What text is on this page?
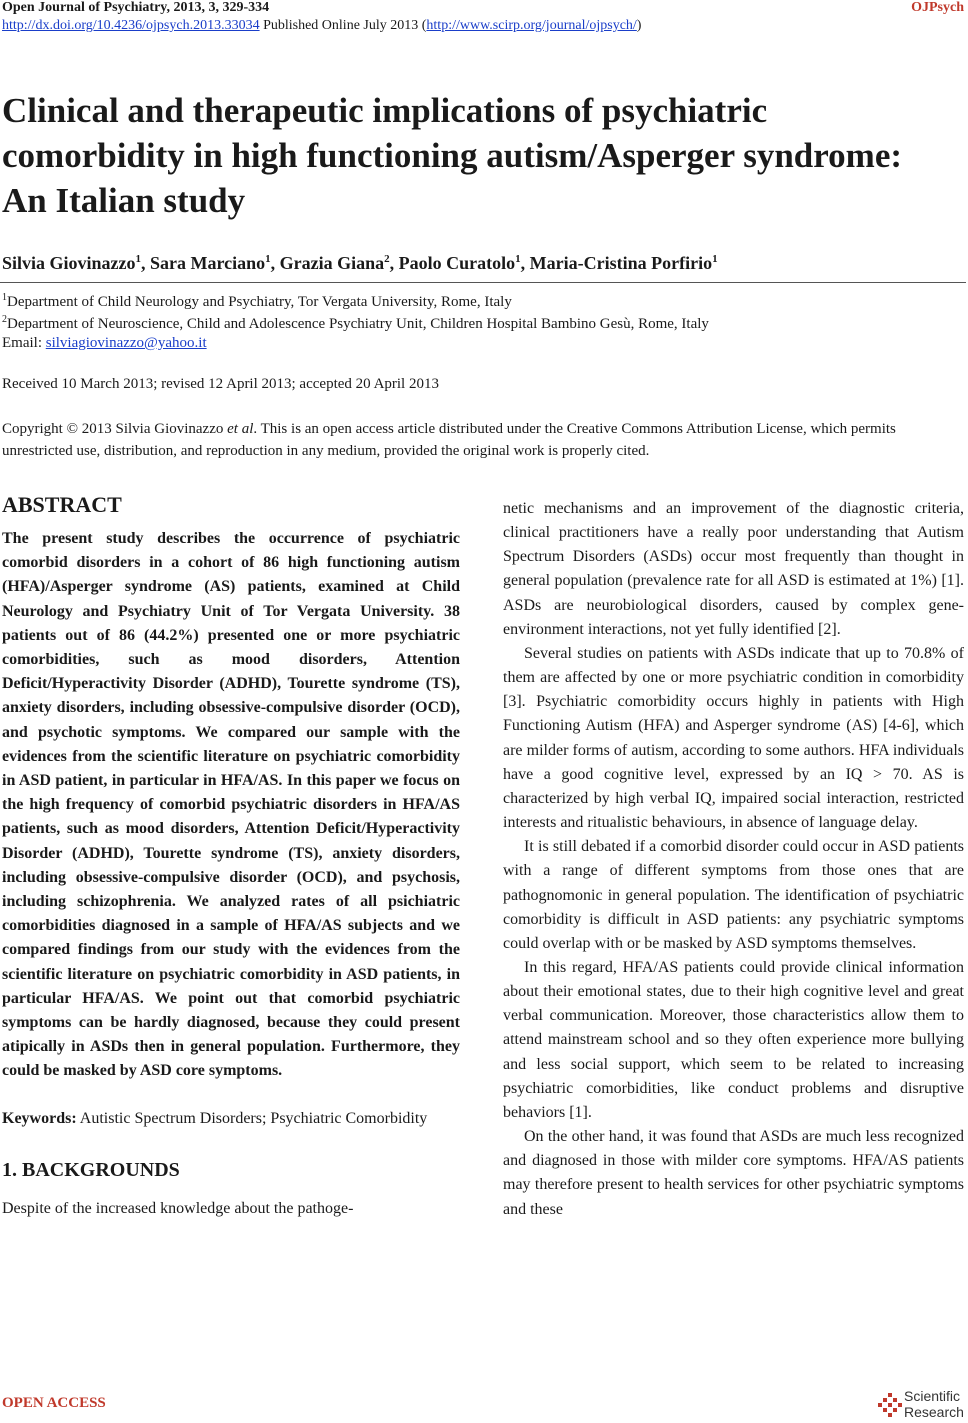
Open Journal of Psychiatry, 2013, 3, 329-334	OJPsych
http://dx.doi.org/10.4236/ojpsych.2013.33034 Published Online July 2013 (http://www.scirp.org/journal/ojpsych/)
Clinical and therapeutic implications of psychiatric comorbidity in high functioning autism/Asperger syndrome: An Italian study
Silvia Giovinazzo$^1$, Sara Marciano$^1$, Grazia Giana$^2$, Paolo Curatolo$^1$, Maria-Cristina Porfirio$^1$
$^1$Department of Child Neurology and Psychiatry, Tor Vergata University, Rome, Italy
$^2$Department of Neuroscience, Child and Adolescence Psychiatry Unit, Children Hospital Bambino Gesù, Rome, Italy
Email: silviagiovinazzo@yahoo.it
Received 10 March 2013; revised 12 April 2013; accepted 20 April 2013
Copyright © 2013 Silvia Giovinazzo et al. This is an open access article distributed under the Creative Commons Attribution License, which permits unrestricted use, distribution, and reproduction in any medium, provided the original work is properly cited.
ABSTRACT

The present study describes the occurrence of psychiatric comorbid disorders in a cohort of 86 high functioning autism (HFA)/Asperger syndrome (AS) patients, examined at Child Neurology and Psychiatry Unit of Tor Vergata University. 38 patients out of 86 (44.2%) presented one or more psychiatric comorbidities, such as mood disorders, Attention Deficit/Hyperactivity Disorder (ADHD), Tourette syndrome (TS), anxiety disorders, including obsessive-compulsive disorder (OCD), and psychotic symptoms. We compared our sample with the evidences from the scientific literature on psychiatric comorbidity in ASD patient, in particular in HFA/AS. In this paper we focus on the high frequency of comorbid psychiatric disorders in HFA/AS patients, such as mood disorders, Attention Deficit/Hyperactivity Disorder (ADHD), Tourette syndrome (TS), anxiety disorders, including obsessive-compulsive disorder (OCD), and psychosis, including schizophrenia. We analyzed rates of all psichiatric comorbidities diagnosed in a sample of HFA/AS subjects and we compared findings from our study with the evidences from the scientific literature on psychiatric comorbidity in ASD patients, in particular HFA/AS. We point out that comorbid psychiatric symptoms can be hardly diagnosed, because they could present atipically in ASDs then in general population. Furthermore, they could be masked by ASD core symptoms.

Keywords: Autistic Spectrum Disorders; Psychiatric Comorbidity

1. BACKGROUNDS

Despite of the increased knowledge about the pathoge-

netic mechanisms and an improvement of the diagnostic criteria, clinical practitioners have a really poor understanding that Autism Spectrum Disorders (ASDs) occur most frequently than thought in general population (prevalence rate for all ASD is estimated at 1%) [1]. ASDs are neurobiological disorders, caused by complex gene-environment interactions, not yet fully identified [2].

Several studies on patients with ASDs indicate that up to 70.8% of them are affected by one or more psychiatric condition in comorbidity [3]. Psychiatric comorbidity occurs highly in patients with High Functioning Autism (HFA) and Asperger syndrome (AS) [4-6], which are milder forms of autism, according to some authors. HFA individuals have a good cognitive level, expressed by an IQ > 70. AS is characterized by high verbal IQ, impaired social interaction, restricted interests and ritualistic behaviours, in absence of language delay.

It is still debated if a comorbid disorder could occur in ASD patients with a range of different symptoms from those ones that are pathognomonic in general population. The identification of psychiatric comorbidity is difficult in ASD patients: any psychiatric symptoms could overlap with or be masked by ASD symptoms themselves.

In this regard, HFA/AS patients could provide clinical information about their emotional states, due to their high cognitive level and great verbal communication. Moreover, those characteristics allow them to attend mainstream school and so they often experience more bullying and less social support, which seem to be related to increasing psychiatric comorbidities, like conduct problems and disruptive behaviors [1].

On the other hand, it was found that ASDs are much less recognized and diagnosed in those with milder core symptoms. HFA/AS patients may therefore present to health services for other psychiatric symptoms and these

OPEN ACCESS	Scientific
Research
